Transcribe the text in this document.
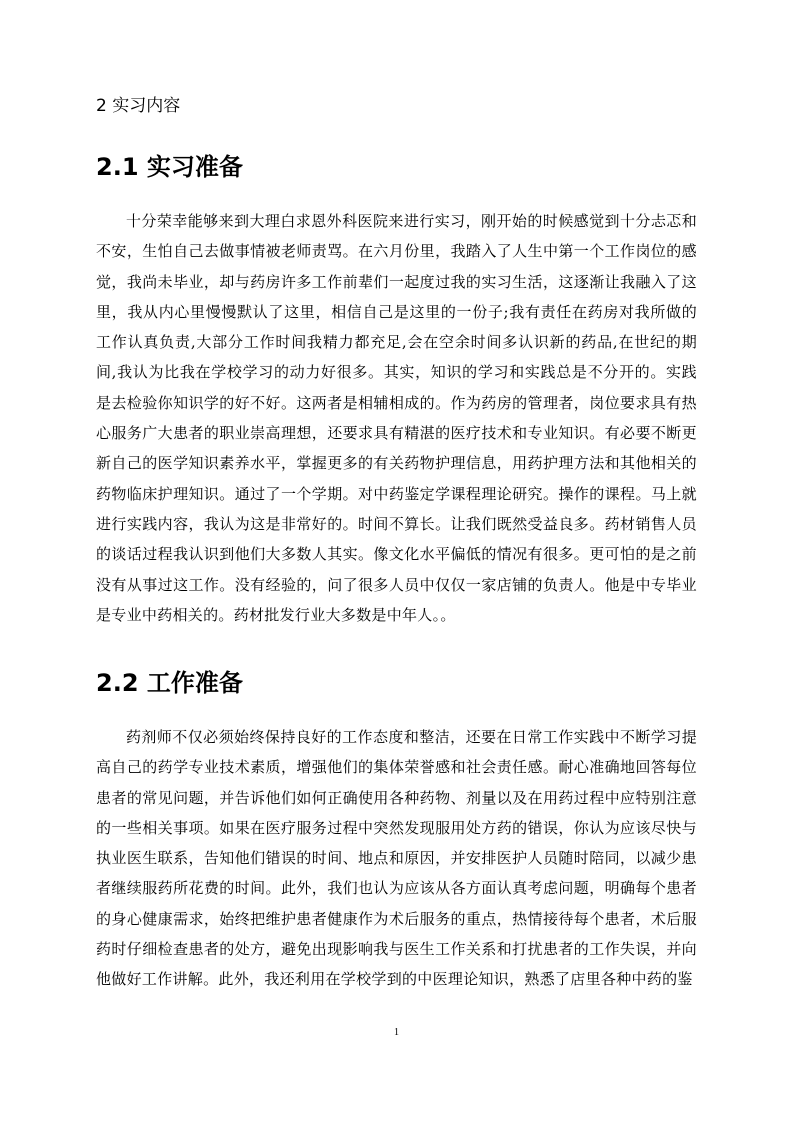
2 实习内容
2.1 实习准备

十分荣幸能够来到大理白求恩外科医院来进行实习，刚开始的时候感觉到十分忐忑和不安，生怕自己去做事情被老师责骂。在六月份里，我踏入了人生中第一个工作岗位的感觉，我尚未毕业，却与药房许多工作前辈们一起度过我的实习生活，这逐渐让我融入了这里，我从内心里慢慢默认了这里，相信自己是这里的一份子;我有责任在药房对我所做的工作认真负责,大部分工作时间我精力都充足,会在空余时间多认识新的药品,在世纪的期间,我认为比我在学校学习的动力好很多。其实，知识的学习和实践总是不分开的。实践是去检验你知识学的好不好。这两者是相辅相成的。作为药房的管理者，岗位要求具有热心服务广大患者的职业崇高理想，还要求具有精湛的医疗技术和专业知识。有必要不断更新自己的医学知识素养水平，掌握更多的有关药物护理信息，用药护理方法和其他相关的药物临床护理知识。通过了一个学期。对中药鉴定学课程理论研究。操作的课程。马上就进行实践内容，我认为这是非常好的。时间不算长。让我们既然受益良多。药材销售人员的谈话过程我认识到他们大多数人其实。像文化水平偏低的情况有很多。更可怕的是之前没有从事过这工作。没有经验的，问了很多人员中仅仅一家店铺的负责人。他是中专毕业是专业中药相关的。药材批发行业大多数是中年人。。

2.2 工作准备

药剂师不仅必须始终保持良好的工作态度和整洁，还要在日常工作实践中不断学习提高自己的药学专业技术素质，增强他们的集体荣誉感和社会责任感。耐心准确地回答每位患者的常见问题，并告诉他们如何正确使用各种药物、剂量以及在用药过程中应特别注意的一些相关事项。如果在医疗服务过程中突然发现服用处方药的错误，你认为应该尽快与执业医生联系，告知他们错误的时间、地点和原因，并安排医护人员随时陪同，以减少患者继续服药所花费的时间。此外，我们也认为应该从各方面认真考虑问题，明确每个患者的身心健康需求，始终把维护患者健康作为术后服务的重点，热情接待每个患者，术后服药时仔细检查患者的处方，避免出现影响我与医生工作关系和打扰患者的工作失误，并向他做好工作讲解。此外，我还利用在学校学到的中医理论知识，熟悉了店里各种中药的鉴

1
